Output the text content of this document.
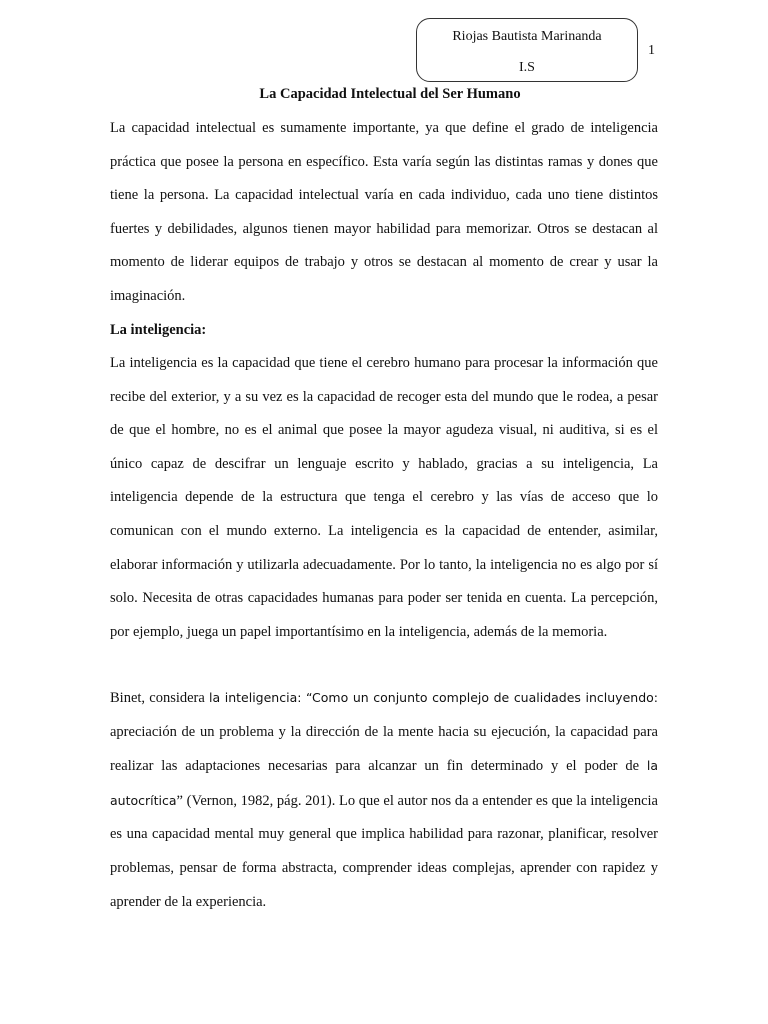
Riojas Bautista Marinanda
I.S
1
La Capacidad Intelectual del Ser Humano

La capacidad intelectual es sumamente importante, ya que define el grado de inteligencia práctica que posee la persona en específico. Esta varía según las distintas ramas y dones que tiene la persona. La capacidad intelectual varía en cada individuo, cada uno tiene distintos fuertes y debilidades, algunos tienen mayor habilidad para memorizar. Otros se destacan al momento de liderar equipos de trabajo y otros se destacan al momento de crear y usar la imaginación.

La inteligencia:

La inteligencia es la capacidad que tiene el cerebro humano para procesar la información que recibe del exterior, y a su vez es la capacidad de recoger esta del mundo que le rodea, a pesar de que el hombre, no es el animal que posee la mayor agudeza visual, ni auditiva, si es el único capaz de descifrar un lenguaje escrito y hablado, gracias a su inteligencia, La inteligencia depende de la estructura que tenga el cerebro y las vías de acceso que lo comunican con el mundo externo. La inteligencia es la capacidad de entender, asimilar, elaborar información y utilizarla adecuadamente. Por lo tanto, la inteligencia no es algo por sí solo. Necesita de otras capacidades humanas para poder ser tenida en cuenta. La percepción, por ejemplo, juega un papel importantísimo en la inteligencia, además de la memoria.

Binet, considera la inteligencia: “Como un conjunto complejo de cualidades incluyendo: apreciación de un problema y la dirección de la mente hacia su ejecución, la capacidad para realizar las adaptaciones necesarias para alcanzar un fin determinado y el poder de la autocrítica” (Vernon, 1982, pág. 201). Lo que el autor nos da a entender es que la inteligencia es una capacidad mental muy general que implica habilidad para razonar, planificar, resolver problemas, pensar de forma abstracta, comprender ideas complejas, aprender con rapidez y aprender de la experiencia.
